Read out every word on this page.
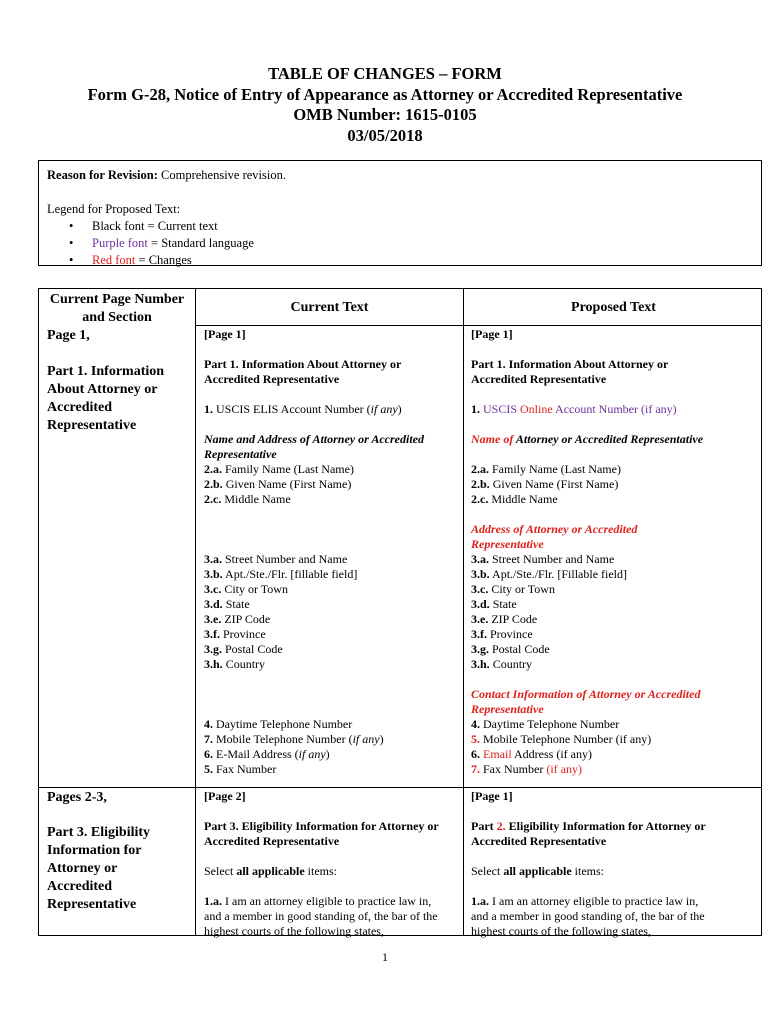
TABLE OF CHANGES – FORM
Form G-28, Notice of Entry of Appearance as Attorney or Accredited Representative
OMB Number: 1615-0105
03/05/2018
Reason for Revision: Comprehensive revision.
Legend for Proposed Text:
• Black font = Current text
• Purple font = Standard language
• Red font = Changes
Current Page Number
and Section
Current Text	Proposed Text
Page 1,
Part 1. Information
About Attorney or
Accredited
Representative
[Page 1]
Part 1. Information About Attorney or
Accredited Representative
1. USCIS ELIS Account Number (if any)
Name and Address of Attorney or Accredited
Representative
2.a. Family Name (Last Name)
2.b. Given Name (First Name)
2.c. Middle Name
3.a. Street Number and Name
3.b. Apt./Ste./Flr. [fillable field]
3.c. City or Town
3.d. State
3.e. ZIP Code
3.f. Province
3.g. Postal Code
3.h. Country
4. Daytime Telephone Number
7. Mobile Telephone Number (if any)
6. E-Mail Address (if any)
5. Fax Number
[Page 1]
Part 1. Information About Attorney or
Accredited Representative
1. USCIS Online Account Number (if any)
Name of Attorney or Accredited Representative
2.a. Family Name (Last Name)
2.b. Given Name (First Name)
2.c. Middle Name
Address of Attorney or Accredited
Representative
3.a. Street Number and Name
3.b. Apt./Ste./Flr. [Fillable field]
3.c. City or Town
3.d. State
3.e. ZIP Code
3.f. Province
3.g. Postal Code
3.h. Country
Contact Information of Attorney or Accredited
Representative
4. Daytime Telephone Number
5. Mobile Telephone Number (if any)
6. Email Address (if any)
7. Fax Number (if any)
Pages 2-3,
Part 3. Eligibility
Information for
Attorney or
Accredited
Representative
[Page 2]
Part 3. Eligibility Information for Attorney or
Accredited Representative
Select all applicable items:
1.a. I am an attorney eligible to practice law in,
and a member in good standing of, the bar of the
highest courts of the following states,
[Page 1]
Part 2. Eligibility Information for Attorney or
Accredited Representative
Select all applicable items:
1.a. I am an attorney eligible to practice law in,
and a member in good standing of, the bar of the
highest courts of the following states,
1
